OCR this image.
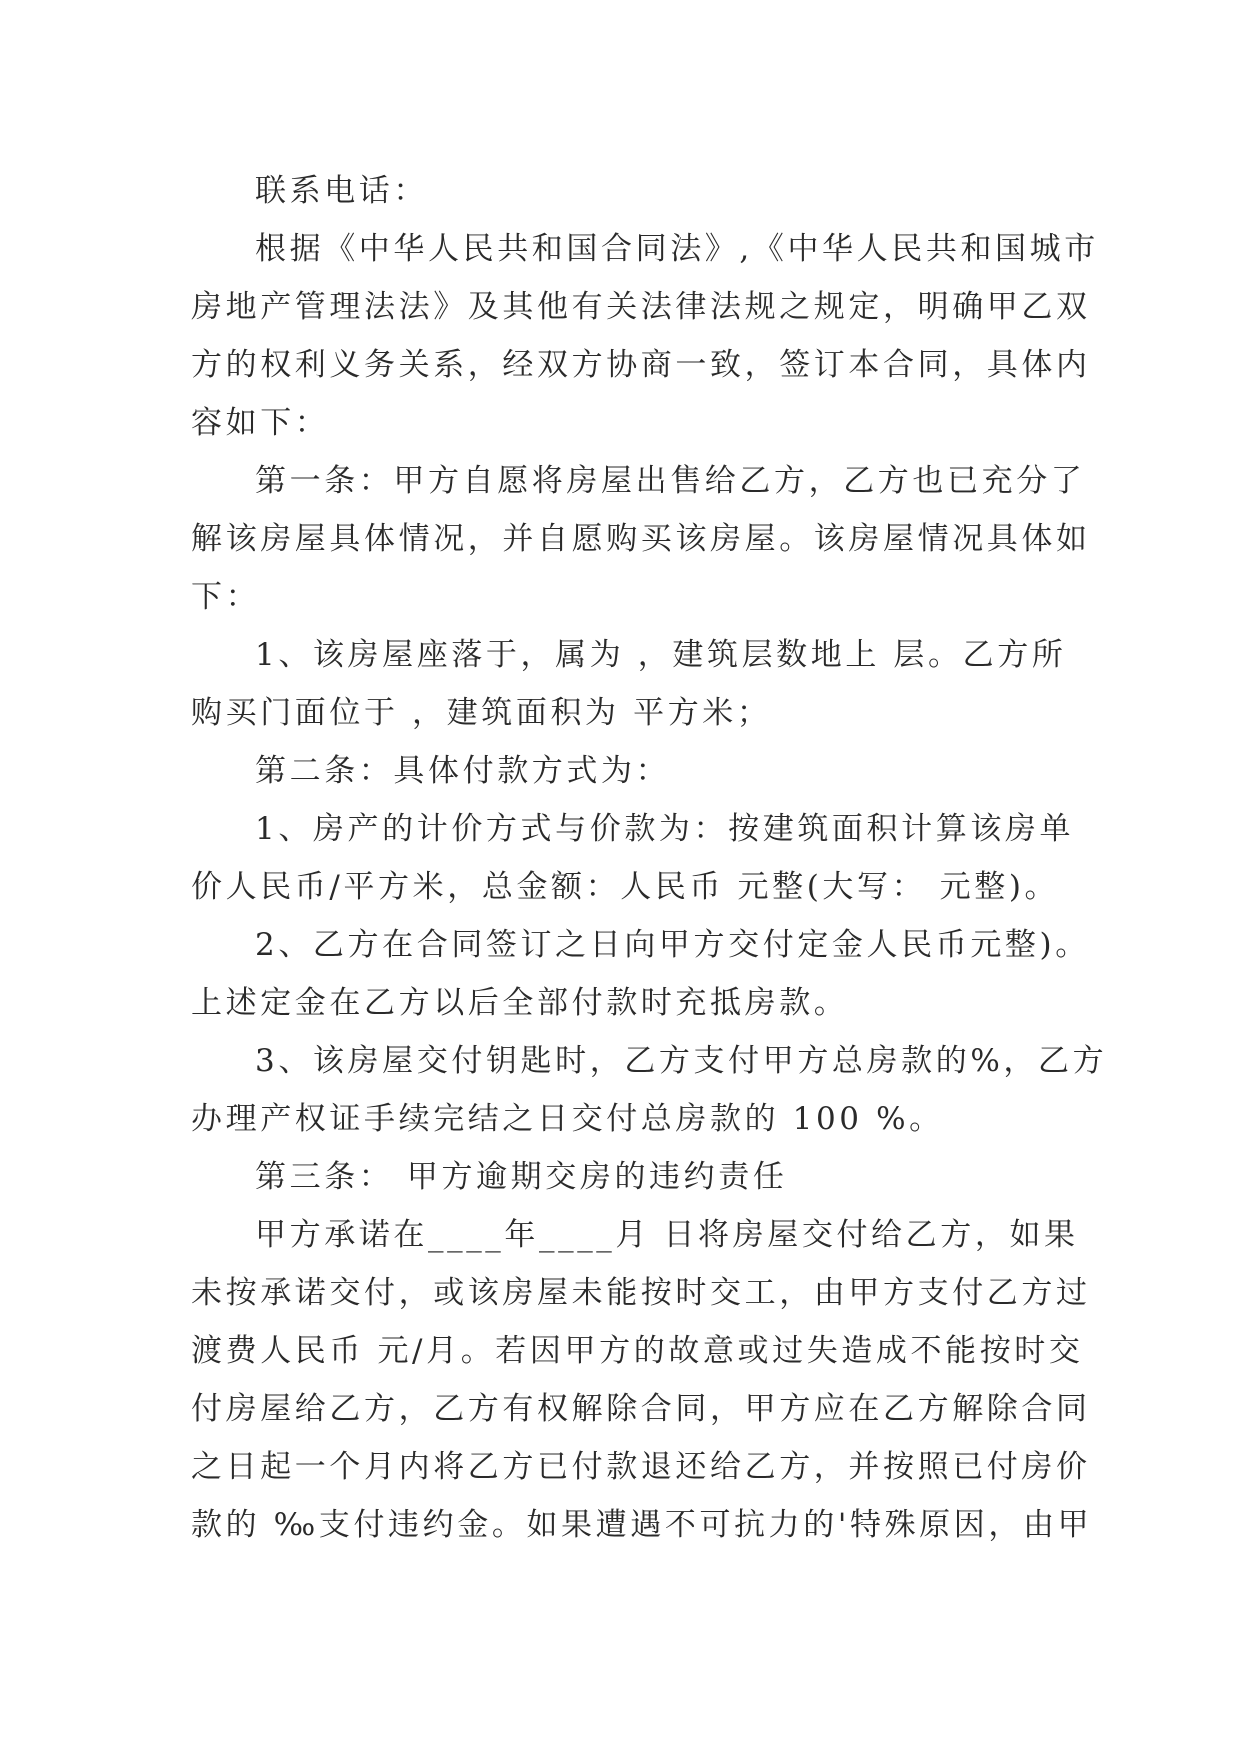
联系电话：
根据《中华人民共和国合同法》,《中华人民共和国城市
房地产管理法法》及其他有关法律法规之规定，明确甲乙双
方的权利义务关系，经双方协商一致，签订本合同，具体内
容如下：
第一条：甲方自愿将房屋出售给乙方，乙方也已充分了
解该房屋具体情况，并自愿购买该房屋。该房屋情况具体如
下：
1、该房屋座落于，属为 ，建筑层数地上 层。乙方所
购买门面位于 ，建筑面积为 平方米；
第二条：具体付款方式为：
1、房产的计价方式与价款为：按建筑面积计算该房单
价人民币/平方米，总金额：人民币 元整(大写： 元整)。
2、乙方在合同签订之日向甲方交付定金人民币元整)。
上述定金在乙方以后全部付款时充抵房款。
3、该房屋交付钥匙时，乙方支付甲方总房款的%，乙方
办理产权证手续完结之日交付总房款的 100 %。
第三条： 甲方逾期交房的违约责任
甲方承诺在____年____月 日将房屋交付给乙方，如果
未按承诺交付，或该房屋未能按时交工，由甲方支付乙方过
渡费人民币 元/月。若因甲方的故意或过失造成不能按时交
付房屋给乙方，乙方有权解除合同，甲方应在乙方解除合同
之日起一个月内将乙方已付款退还给乙方，并按照已付房价
款的 ‰支付违约金。如果遭遇不可抗力的'特殊原因，由甲
